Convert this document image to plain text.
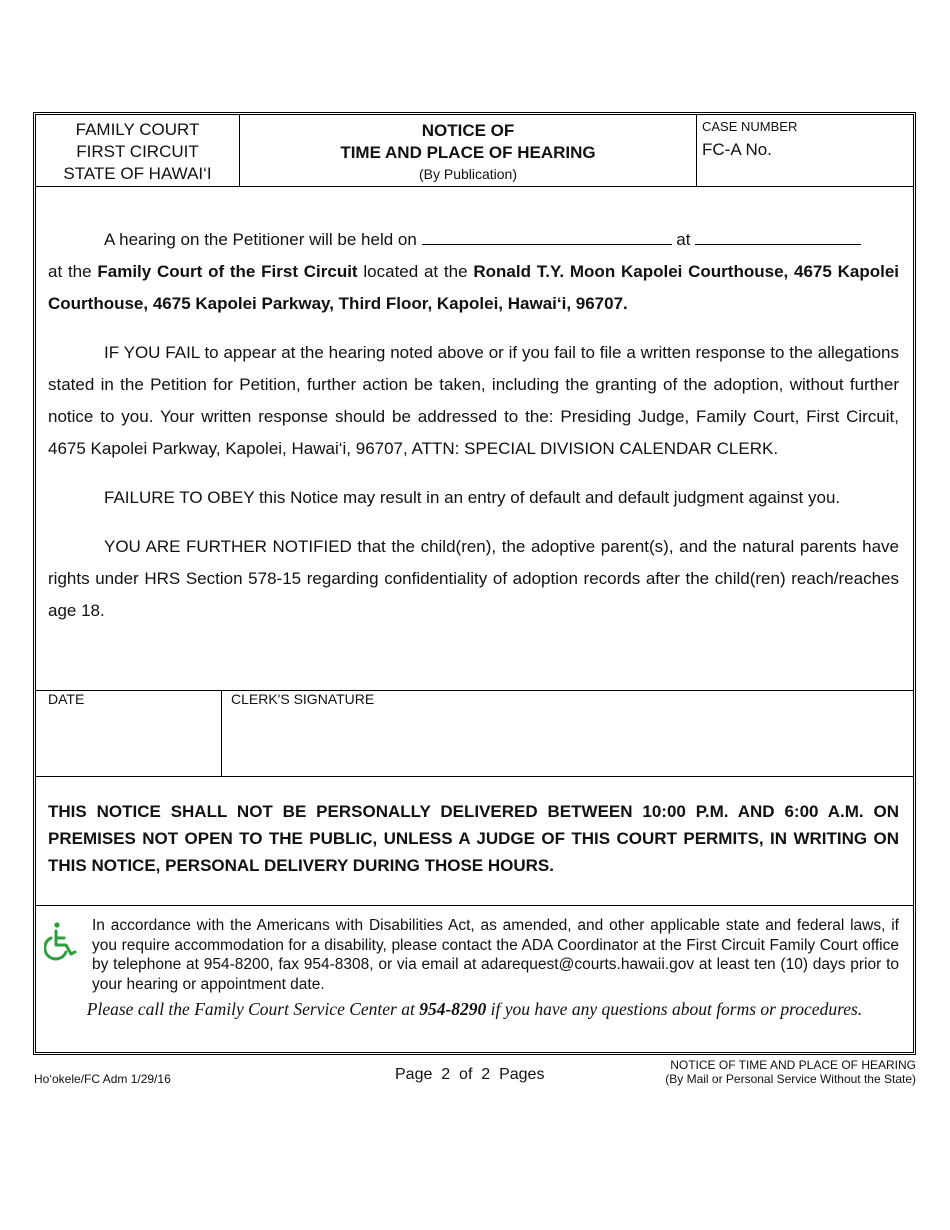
FAMILY COURT
FIRST CIRCUIT
STATE OF HAWAI‘I
NOTICE OF
TIME AND PLACE OF HEARING
(By Publication)
CASE NUMBER
FC-A No.

A hearing on the Petitioner will be held on	at

at the Family Court of the First Circuit located at the Ronald T.Y. Moon Kapolei Courthouse, 4675 Kapolei Courthouse, 4675 Kapolei Parkway, Third Floor, Kapolei, Hawai‘i, 96707.

IF YOU FAIL to appear at the hearing noted above or if you fail to file a written response to the allegations stated in the Petition for Petition, further action be taken, including the granting of the adoption, without further notice to you. Your written response should be addressed to the: Presiding Judge, Family Court, First Circuit, 4675 Kapolei Parkway, Kapolei, Hawai‘i, 96707, ATTN: SPECIAL DIVISION CALENDAR CLERK.

FAILURE TO OBEY this Notice may result in an entry of default and default judgment against you.

YOU ARE FURTHER NOTIFIED that the child(ren), the adoptive parent(s), and the natural parents have rights under HRS Section 578-15 regarding confidentiality of adoption records after the child(ren) reach/reaches age 18.

DATE	CLERK'S SIGNATURE
THIS NOTICE SHALL NOT BE PERSONALLY DELIVERED BETWEEN 10:00 P.M. AND 6:00 A.M. ON PREMISES NOT OPEN TO THE PUBLIC, UNLESS A JUDGE OF THIS COURT PERMITS, IN WRITING ON THIS NOTICE, PERSONAL DELIVERY DURING THOSE HOURS.
In accordance with the Americans with Disabilities Act, as amended, and other applicable state and federal laws, if you require accommodation for a disability, please contact the ADA Coordinator at the First Circuit Family Court office by telephone at 954-8200, fax 954-8308, or via email at adarequest@courts.hawaii.gov at least ten (10) days prior to your hearing or appointment date.
Please call the Family Court Service Center at 954-8290 if you have any questions about forms or procedures.
Ho‘okele/FC Adm 1/29/16	Page  2  of  2  Pages
NOTICE OF TIME AND PLACE OF HEARING
(By Mail or Personal Service Without the State)
